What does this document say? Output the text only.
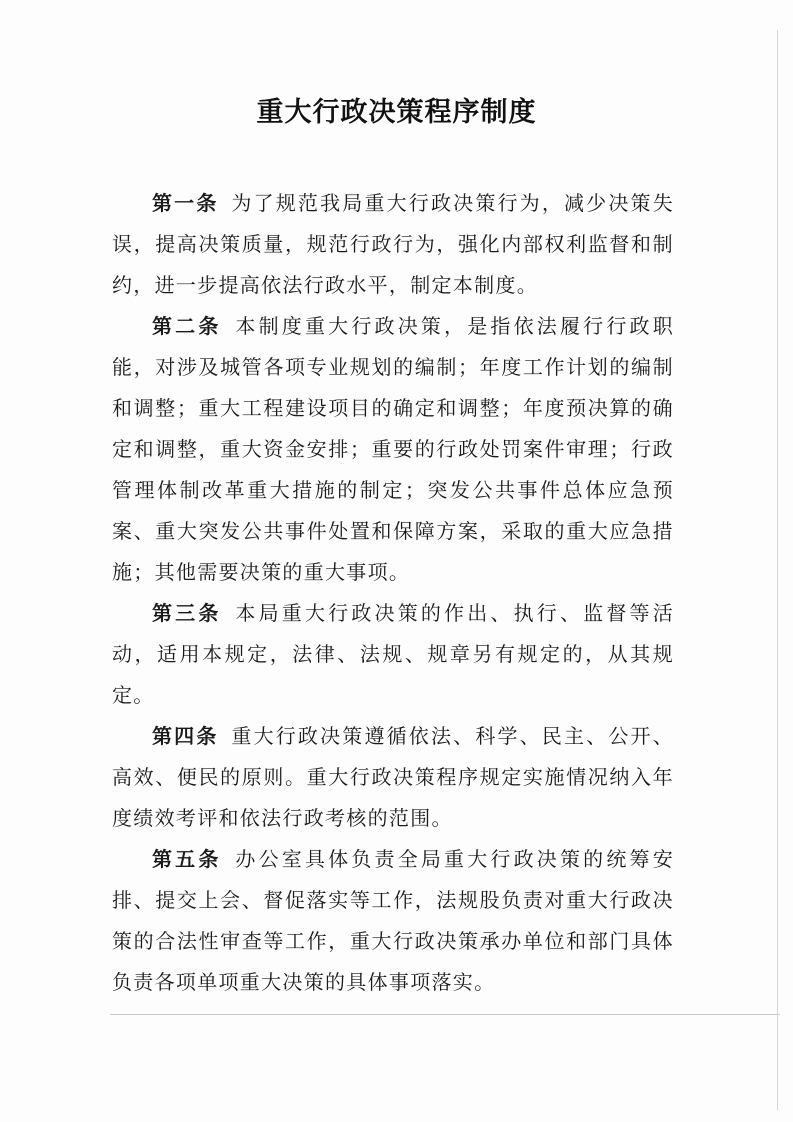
重大行政决策程序制度

第一条 为了规范我局重大行政决策行为，减少决策失误，提高决策质量，规范行政行为，强化内部权利监督和制约，进一步提高依法行政水平，制定本制度。

第二条 本制度重大行政决策，是指依法履行行政职能，对涉及城管各项专业规划的编制；年度工作计划的编制和调整；重大工程建设项目的确定和调整；年度预决算的确定和调整，重大资金安排；重要的行政处罚案件审理；行政管理体制改革重大措施的制定；突发公共事件总体应急预案、重大突发公共事件处置和保障方案，采取的重大应急措施；其他需要决策的重大事项。

第三条 本局重大行政决策的作出、执行、监督等活动，适用本规定，法律、法规、规章另有规定的，从其规定。

第四条 重大行政决策遵循依法、科学、民主、公开、高效、便民的原则。重大行政决策程序规定实施情况纳入年度绩效考评和依法行政考核的范围。

第五条 办公室具体负责全局重大行政决策的统筹安排、提交上会、督促落实等工作，法规股负责对重大行政决策的合法性审查等工作，重大行政决策承办单位和部门具体负责各项单项重大决策的具体事项落实。
